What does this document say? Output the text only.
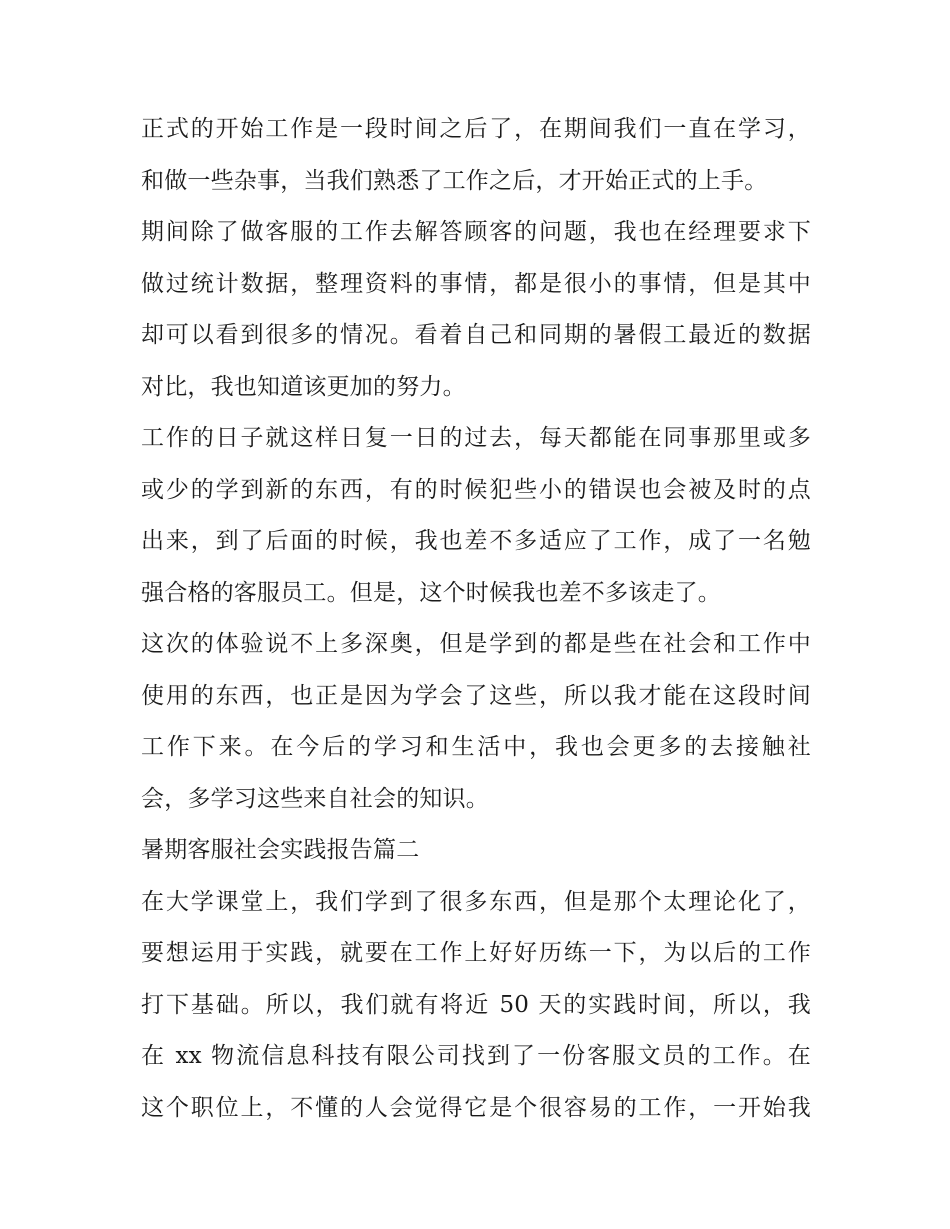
正式的开始工作是一段时间之后了，在期间我们一直在学习，
和做一些杂事，当我们熟悉了工作之后，才开始正式的上手。
期间除了做客服的工作去解答顾客的问题，我也在经理要求下
做过统计数据，整理资料的事情，都是很小的事情，但是其中
却可以看到很多的情况。看着自己和同期的暑假工最近的数据
对比，我也知道该更加的努力。
工作的日子就这样日复一日的过去，每天都能在同事那里或多
或少的学到新的东西，有的时候犯些小的错误也会被及时的点
出来，到了后面的时候，我也差不多适应了工作，成了一名勉
强合格的客服员工。但是，这个时候我也差不多该走了。
这次的体验说不上多深奥，但是学到的都是些在社会和工作中
使用的东西，也正是因为学会了这些，所以我才能在这段时间
工作下来。在今后的学习和生活中，我也会更多的去接触社
会，多学习这些来自社会的知识。
暑期客服社会实践报告篇二
在大学课堂上，我们学到了很多东西，但是那个太理论化了，
要想运用于实践，就要在工作上好好历练一下，为以后的工作
打下基础。所以，我们就有将近 50 天的实践时间，所以，我
在 xx 物流信息科技有限公司找到了一份客服文员的工作。在
这个职位上，不懂的人会觉得它是个很容易的工作，一开始我
